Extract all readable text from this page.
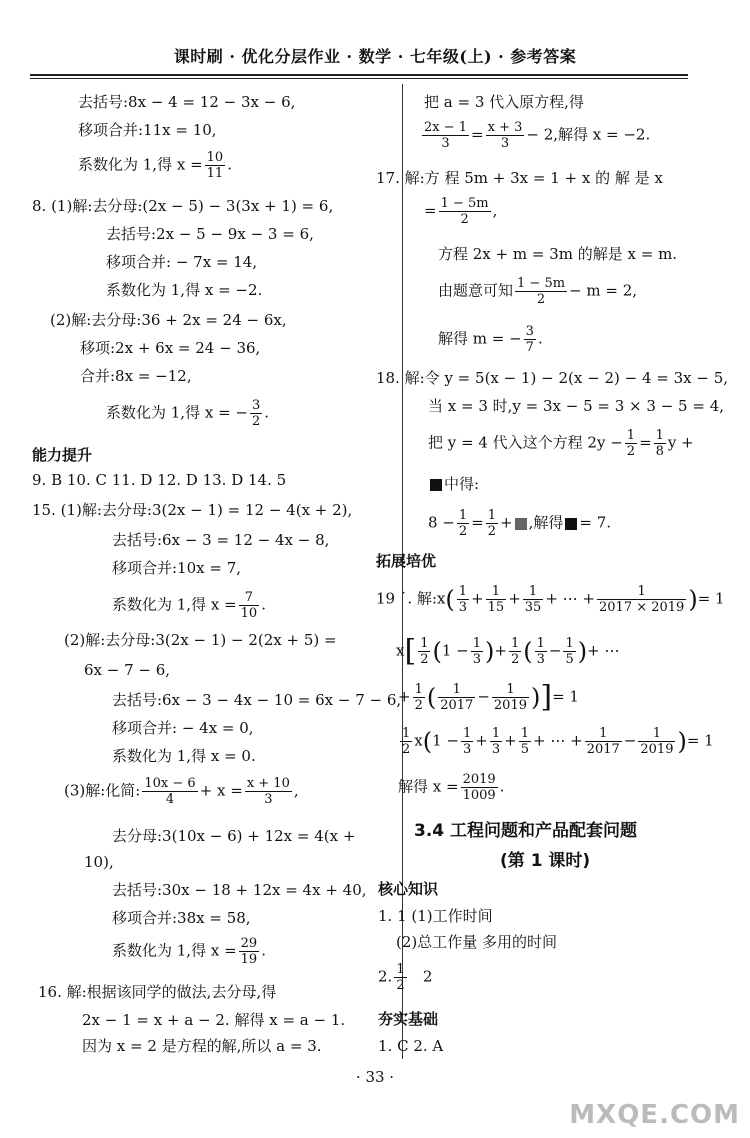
课时刷 · 优化分层作业 · 数学 · 七年级(上) · 参考答案
去括号:8x − 4 = 12 − 3x − 6,
移项合并:11x = 10,
系数化为 1,得 $x = \frac{10}{11}$ .
8. (1)解:去分母:(2x − 5) − 3(3x + 1) = 6,
去括号:2x − 5 − 9x − 3 = 6,
移项合并: − 7x = 14,
系数化为 1,得 x = −2.
(2)解:去分母:36 + 2x = 24 − 6x,
移项:2x + 6x = 24 − 36,
合并:8x = −12,
系数化为 1,得 x = − $\frac{3}{2}$ .
能力提升
9. B 10. C 11. D 12. D 13. D 14. 5
15. (1)解:去分母:3(2x − 1) = 12 − 4(x + 2),
去括号:6x − 3 = 12 − 4x − 8,
移项合并:10x = 7,
系数化为 1,得 $x = \frac{7}{10}$ .
(2)解:去分母:3(2x − 1) − 2(2x + 5) =
6x − 7 − 6,
去括号:6x − 3 − 4x − 10 = 6x − 7 − 6,
移项合并: − 4x = 0,
系数化为 1,得 x = 0.
(3)解:化简: $\frac{10x - 6}{4} + x = \frac{x + 10}{3}$ ,
去分母:3(10x − 6) + 12x = 4(x +
10),
去括号:30x − 18 + 12x = 4x + 40,
移项合并:38x = 58,
系数化为 1,得 $x = \frac{29}{19}$ .
16. 解:根据该同学的做法,去分母,得
2x − 1 = x + a − 2. 解得 x = a − 1.
因为 x = 2 是方程的解,所以 a = 3.
把 a = 3 代入原方程,得
$\frac{2x - 1}{3} = \frac{x + 3}{3} - 2$,解得 x = −2.
17. 解:方 程 5m + 3x = 1 + x 的 解 是 x
= $\frac{1 - 5m}{2}$ ,
方程 2x + m = 3m 的解是 x = m.
由题意可知 $\frac{1 - 5m}{2} - m = 2$,
解得 m = − $\frac{3}{7}$ .
18. 解:令 y = 5(x − 1) − 2(x − 2) − 4 = 3x − 5,
当 x = 3 时,y = 3x − 5 = 3 × 3 − 5 = 4,
把 y = 4 代入这个方程 $2y - \frac{1}{2} = \frac{1}{8}$ y +
中得:
$8 - \frac{1}{2} = \frac{1}{2}$ + ,解得 = 7.
拓展培优
19 ˙. 解:x( $\frac{1}{3} + \frac{1}{15} + \frac{1}{35}$ + ⋯ + $\frac{1}{2017 \times 2019}$ )= 1
$x[ \frac{1}{2} (1 - \frac{1}{3}$ )+ $\frac{1}{2}$ ( $\frac{1}{3} - \frac{1}{5}$ )+ ⋯
+ $\frac{1}{2}$ ( $\frac{1}{2017} - \frac{1}{2019}$ )]= 1
$\frac{1}{2} x(1 - \frac{1}{3} + \frac{1}{3} + \frac{1}{5}$ + ⋯ + $\frac{1}{2017} - \frac{1}{2019}$ )= 1
解得 $x = \frac{2019}{1009}$ .
3.4 工程问题和产品配套问题
(第 1 课时)
核心知识
1. 1 (1)工作时间
(2)总工作量 多用的时间
2. $\frac{1}{2} 2$
夯实基础
1. C 2. A
· 33 ·
MXQE.COM
